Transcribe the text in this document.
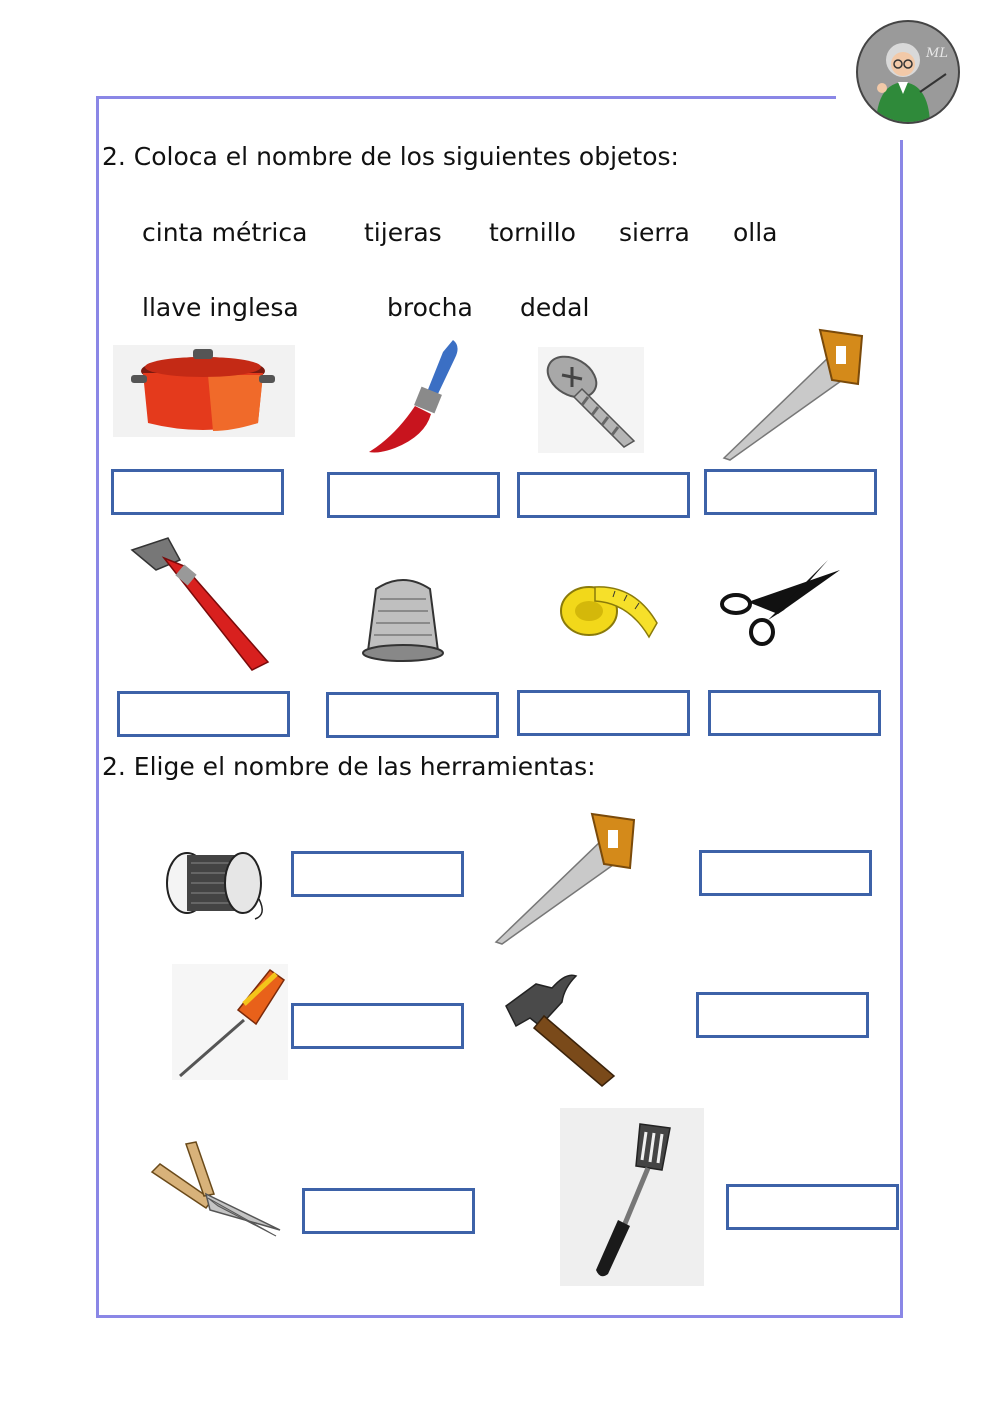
ML
2. Coloca el nombre de los siguientes objetos:
cinta métrica tijeras tornillo sierra olla
llave inglesa	brocha dedal
2. Elige el nombre de las herramientas:
